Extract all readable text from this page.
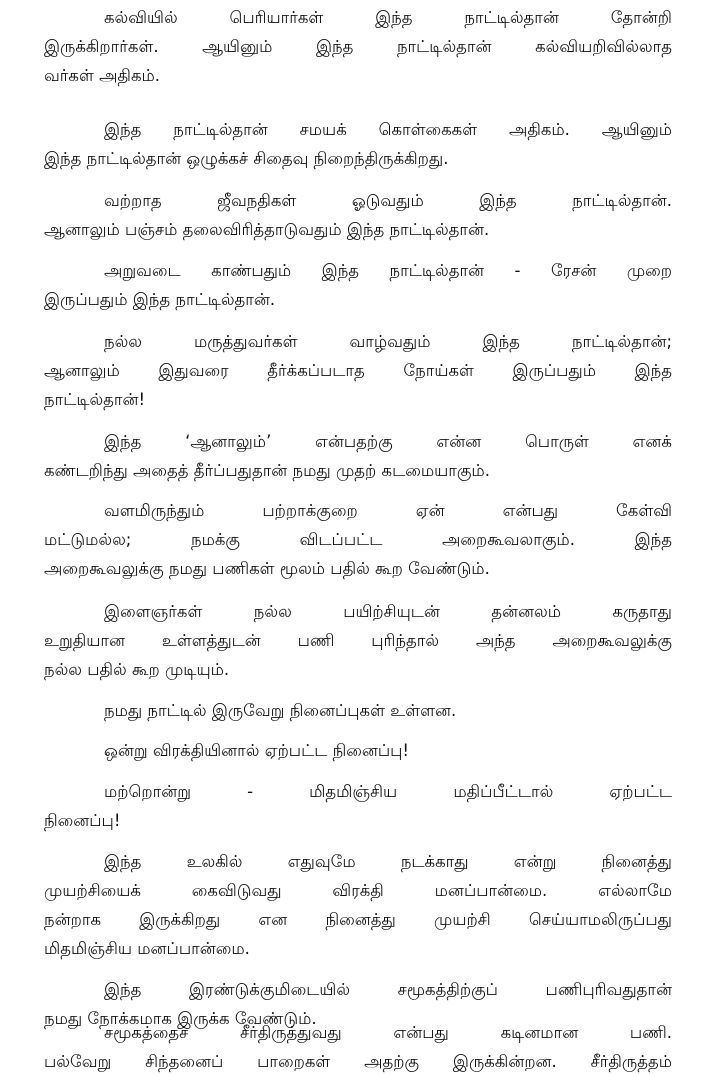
கல்வியில் பெரியார்கள் இந்த நாட்டில்தான் தோன்றி
இருக்கிறார்கள். ஆயினும் இந்த நாட்டில்தான் கல்வியறிவில்லாத
வர்கள் அதிகம்.
இந்த நாட்டில்தான் சமயக் கொள்கைகள் அதிகம். ஆயினும்
இந்த நாட்டில்தான் ஒழுக்கச் சிதைவு நிறைந்திருக்கிறது.
வற்றாத ஜீவநதிகள் ஓடுவதும் இந்த நாட்டில்தான்.
ஆனாலும் பஞ்சம் தலைவிரித்தாடுவதும் இந்த நாட்டில்தான்.
அறுவடை காண்பதும் இந்த நாட்டில்தான் - ரேசன் முறை
இருப்பதும் இந்த நாட்டில்தான்.
நல்ல மருத்துவர்கள் வாழ்வதும் இந்த நாட்டில்தான்;
ஆனாலும் இதுவரை தீர்க்கப்படாத நோய்கள் இருப்பதும் இந்த
நாட்டில்தான்!
இந்த ‘ஆனாலும்’ என்பதற்கு என்ன பொருள் எனக்
கண்டறிந்து அதைத் தீர்ப்பதுதான் நமது முதற் கடமையாகும்.
வளமிருந்தும் பற்றாக்குறை ஏன் என்பது கேள்வி
மட்டுமல்ல; நமக்கு விடப்பட்ட அறைகூவலாகும். இந்த
அறைகூவலுக்கு நமது பணிகள் மூலம் பதில் கூற வேண்டும்.
இளைஞர்கள் நல்ல பயிற்சியுடன் தன்னலம் கருதாது
உறுதியான உள்ளத்துடன் பணி புரிந்தால் அந்த அறைகூவலுக்கு
நல்ல பதில் கூற முடியும்.
நமது நாட்டில் இருவேறு நினைப்புகள் உள்ளன.
ஒன்று விரக்தியினால் ஏற்பட்ட நினைப்பு!
மற்றொன்று - மிதமிஞ்சிய மதிப்பீட்டால் ஏற்பட்ட
நினைப்பு!
இந்த உலகில் எதுவுமே நடக்காது என்று நினைத்து
முயற்சியைக் கைவிடுவது விரக்தி மனப்பான்மை. எல்லாமே
நன்றாக இருக்கிறது என நினைத்து முயற்சி செய்யாமலிருப்பது
மிதமிஞ்சிய மனப்பான்மை.
இந்த இரண்டுக்குமிடையில் சமூகத்திற்குப் பணிபுரிவதுதான்
நமது நோக்கமாக இருக்க வேண்டும்.
சமூகத்தைச் சீர்திருத்துவது என்பது கடினமான பணி.
பல்வேறு சிந்தனைப் பாறைகள் அதற்கு இருக்கின்றன. சீர்திருத்தம்
